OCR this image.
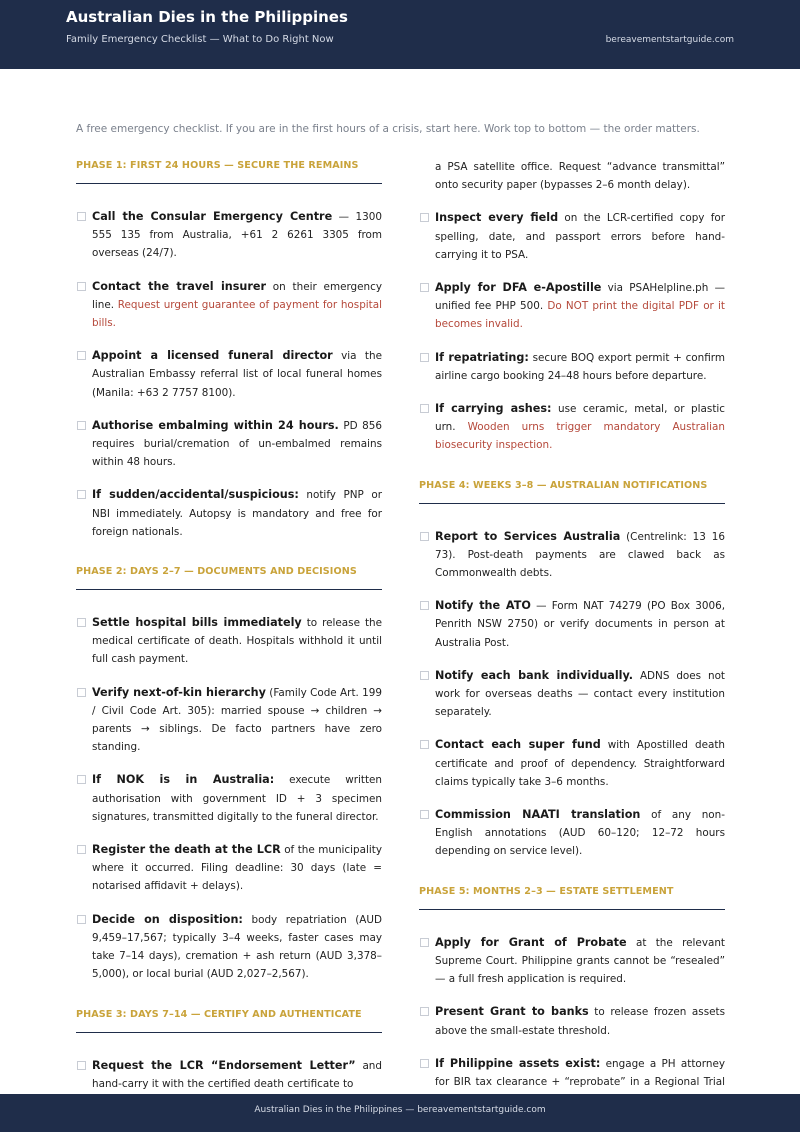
Australian Dies in the Philippines
Family Emergency Checklist — What to Do Right Now	bereavementstartguide.com
A free emergency checklist. If you are in the first hours of a crisis, start here. Work top to bottom — the order matters.
PHASE 1: FIRST 24 HOURS — SECURE THE REMAINS
Call the Consular Emergency Centre — 1300 555 135 from Australia, +61 2 6261 3305 from overseas (24/7).
Contact the travel insurer on their emergency line. Request urgent guarantee of payment for hospital bills.
Appoint a licensed funeral director via the Australian Embassy referral list of local funeral homes (Manila: +63 2 7757 8100).
Authorise embalming within 24 hours. PD 856 requires burial/cremation of un-embalmed remains within 48 hours.
If sudden/accidental/suspicious: notify PNP or NBI immediately. Autopsy is mandatory and free for foreign nationals.
PHASE 2: DAYS 2–7 — DOCUMENTS AND DECISIONS
Settle hospital bills immediately to release the medical certificate of death. Hospitals withhold it until full cash payment.
Verify next-of-kin hierarchy (Family Code Art. 199 / Civil Code Art. 305): married spouse → children → parents → siblings. De facto partners have zero standing.
If NOK is in Australia: execute written authorisation with government ID + 3 specimen signatures, transmitted digitally to the funeral director.
Register the death at the LCR of the municipality where it occurred. Filing deadline: 30 days (late = notarised affidavit + delays).
Decide on disposition: body repatriation (AUD 9,459–17,567; typically 3–4 weeks, faster cases may take 7–14 days), cremation + ash return (AUD 3,378–5,000), or local burial (AUD 2,027–2,567).
PHASE 3: DAYS 7–14 — CERTIFY AND AUTHENTICATE
Request the LCR “Endorsement Letter” and hand-carry it with the certified death certificate to
a PSA satellite office. Request “advance transmittal” onto security paper (bypasses 2–6 month delay).
Inspect every field on the LCR-certified copy for spelling, date, and passport errors before hand-carrying it to PSA.
Apply for DFA e-Apostille via PSAHelpline.ph — unified fee PHP 500. Do NOT print the digital PDF or it becomes invalid.
If repatriating: secure BOQ export permit + confirm airline cargo booking 24–48 hours before departure.
If carrying ashes: use ceramic, metal, or plastic urn. Wooden urns trigger mandatory Australian biosecurity inspection.
PHASE 4: WEEKS 3–8 — AUSTRALIAN NOTIFICATIONS
Report to Services Australia (Centrelink: 13 16 73). Post-death payments are clawed back as Commonwealth debts.
Notify the ATO — Form NAT 74279 (PO Box 3006, Penrith NSW 2750) or verify documents in person at Australia Post.
Notify each bank individually. ADNS does not work for overseas deaths — contact every institution separately.
Contact each super fund with Apostilled death certificate and proof of dependency. Straightforward claims typically take 3–6 months.
Commission NAATI translation of any non-English annotations (AUD 60–120; 12–72 hours depending on service level).
PHASE 5: MONTHS 2–3 — ESTATE SETTLEMENT
Apply for Grant of Probate at the relevant Supreme Court. Philippine grants cannot be “resealed” — a full fresh application is required.
Present Grant to banks to release frozen assets above the small-estate threshold.
If Philippine assets exist: engage a PH attorney for BIR tax clearance + “reprobate” in a Regional Trial
Australian Dies in the Philippines — bereavementstartguide.com
